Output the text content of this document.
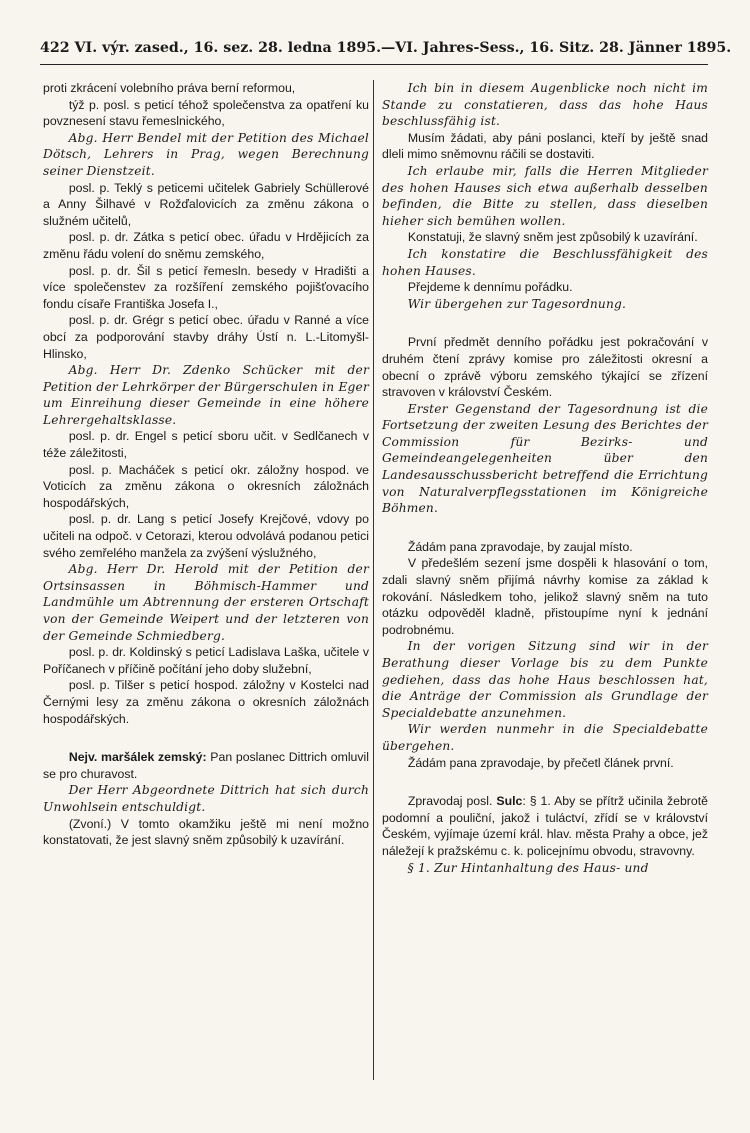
422 VI. výr. zased., 16. sez. 28. ledna 1895. — VI. Jahres-Sess., 16. Sitz. 28. Jänner 1895.

proti zkrácení volebního práva berní reformou,

týž p. posl. s peticí téhož společenstva za opatření ku povznesení stavu řemeslnického,

Abg. Herr Bendel mit der Petition des Michael Dötsch, Lehrers in Prag, wegen Berechnung seiner Dienstzeit.

posl. p. Teklý s peticemi učitelek Gabriely Schüllerové a Anny Šilhavé v Rožďalovicích za změnu zákona o služném učitelů,

posl. p. dr. Zátka s peticí obec. úřadu v Hrdějicích za změnu řádu volení do sněmu zemského,

posl. p. dr. Šil s peticí řemesln. besedy v Hradišti a více společenstev za rozšíření zemského pojišťovacího fondu císaře Františka Josefa I.,

posl. p. dr. Grégr s peticí obec. úřadu v Ranné a více obcí za podporování stavby dráhy Ústí n. L.-Litomyšl-Hlinsko,

Abg. Herr Dr. Zdenko Schücker mit der Petition der Lehrkörper der Bürgerschulen in Eger um Einreihung dieser Gemeinde in eine höhere Lehrergehaltsklasse.

posl. p. dr. Engel s peticí sboru učit. v Sedlčanech v téže záležitosti,

posl. p. Macháček s peticí okr. záložny hospod. ve Voticích za změnu zákona o okresních záložnách hospodářských,

posl. p. dr. Lang s peticí Josefy Krejčové, vdovy po učiteli na odpoč. v Cetorazi, kterou odvolává podanou petici svého zemřelého manžela za zvýšení výslužného,

Abg. Herr Dr. Herold mit der Petition der Ortsinsassen in Böhmisch-Hammer und Landmühle um Abtrennung der ersteren Ortschaft von der Gemeinde Weipert und der letzteren von der Gemeinde Schmiedberg.

posl. p. dr. Koldinský s peticí Ladislava Laška, učitele v Poříčanech v příčině počítání jeho doby služební,

posl. p. Tilšer s peticí hospod. záložny v Kostelci nad Černými lesy za změnu zákona o okresních záložnách hospodářských.

Nejv. maršálek zemský: Pan poslanec Dittrich omluvil se pro churavost.

Der Herr Abgeordnete Dittrich hat sich durch Unwohlsein entschuldigt.

(Zvoní.) V tomto okamžiku ještě mi není možno konstatovati, že jest slavný sněm způsobilý k uzavírání.

Ich bin in diesem Augenblicke noch nicht im Stande zu constatieren, dass das hohe Haus beschlussfähig ist.

Musím žádati, aby páni poslanci, kteří by ještě snad dleli mimo sněmovnu ráčili se dostaviti.

Ich erlaube mir, falls die Herren Mitglieder des hohen Hauses sich etwa außerhalb desselben befinden, die Bitte zu stellen, dass dieselben hieher sich bemühen wollen.

Konstatuji, že slavný sněm jest způsobilý k uzavírání.

Ich konstatire die Beschlussfähigkeit des hohen Hauses.

Přejdeme k dennímu pořádku.

Wir übergehen zur Tagesordnung.

První předmět denního pořádku jest pokračování v druhém čtení zprávy komise pro záležitosti okresní a obecní o zprávě výboru zemského týkající se zřízení stravoven v království Českém.

Erster Gegenstand der Tagesordnung ist die Fortsetzung der zweiten Lesung des Berichtes der Commission für Bezirks- und Gemeindeangelegenheiten über den Landesausschussbericht betreffend die Errichtung von Naturalverpflegsstationen im Königreiche Böhmen.

Žádám pana zpravodaje, by zaujal místo.

V předešlém sezení jsme dospěli k hlasování o tom, zdali slavný sněm přijímá návrhy komise za základ k rokování. Následkem toho, jelikož slavný sněm na tuto otázku odpověděl kladně, přistoupíme nyní k jednání podrobnému.

In der vorigen Sitzung sind wir in der Berathung dieser Vorlage bis zu dem Punkte gediehen, dass das hohe Haus beschlossen hat, die Anträge der Commission als Grundlage der Specialdebatte anzunehmen.

Wir werden nunmehr in die Specialdebatte übergehen.

Žádám pana zpravodaje, by přečetl článek první.

Zpravodaj posl. Sulc: § 1. Aby se přítrž učinila žebrotě podomní a pouliční, jakož i tuláctví, zřídí se v království Českém, vyjímaje území král. hlav. města Prahy a obce, jež náležejí k pražskému c. k. policejnímu obvodu, stravovny.

§ 1. Zur Hintanhaltung des Haus- und
